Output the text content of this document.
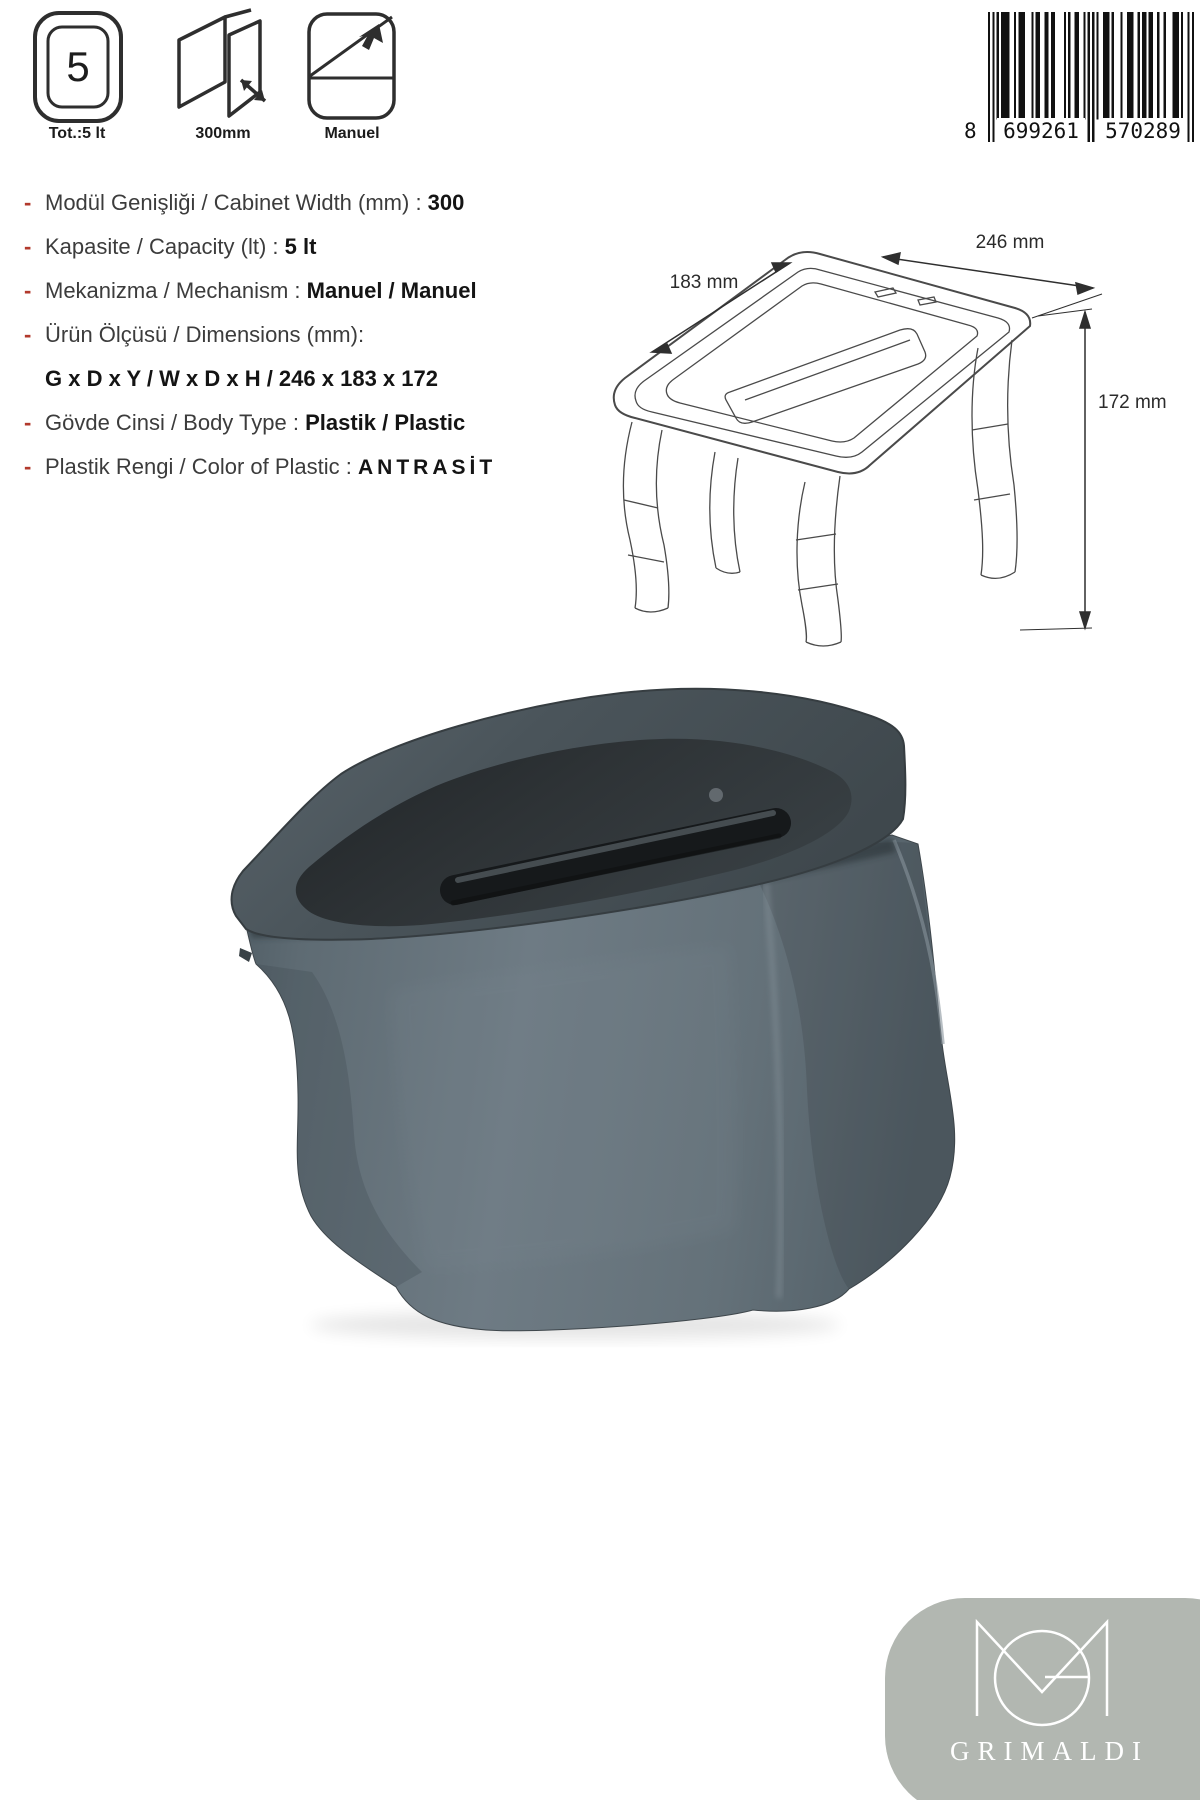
5
Tot.:5 lt	300mm	Manuel	8 699261 570289
- Modül Genişliği / Cabinet Width (mm) : 300
- Kapasite / Capacity (lt) : 5 lt
- Mekanizma / Mechanism : Manuel / Manuel
- Ürün Ölçüsü / Dimensions (mm):
G x D x Y / W x D x H / 246 x 183 x 172
- Gövde Cinsi / Body Type : Plastik / Plastic
- Plastik Rengi / Color of Plastic : ANTRASİT
246 mm
183 mm
172 mm
GRIMALDI
